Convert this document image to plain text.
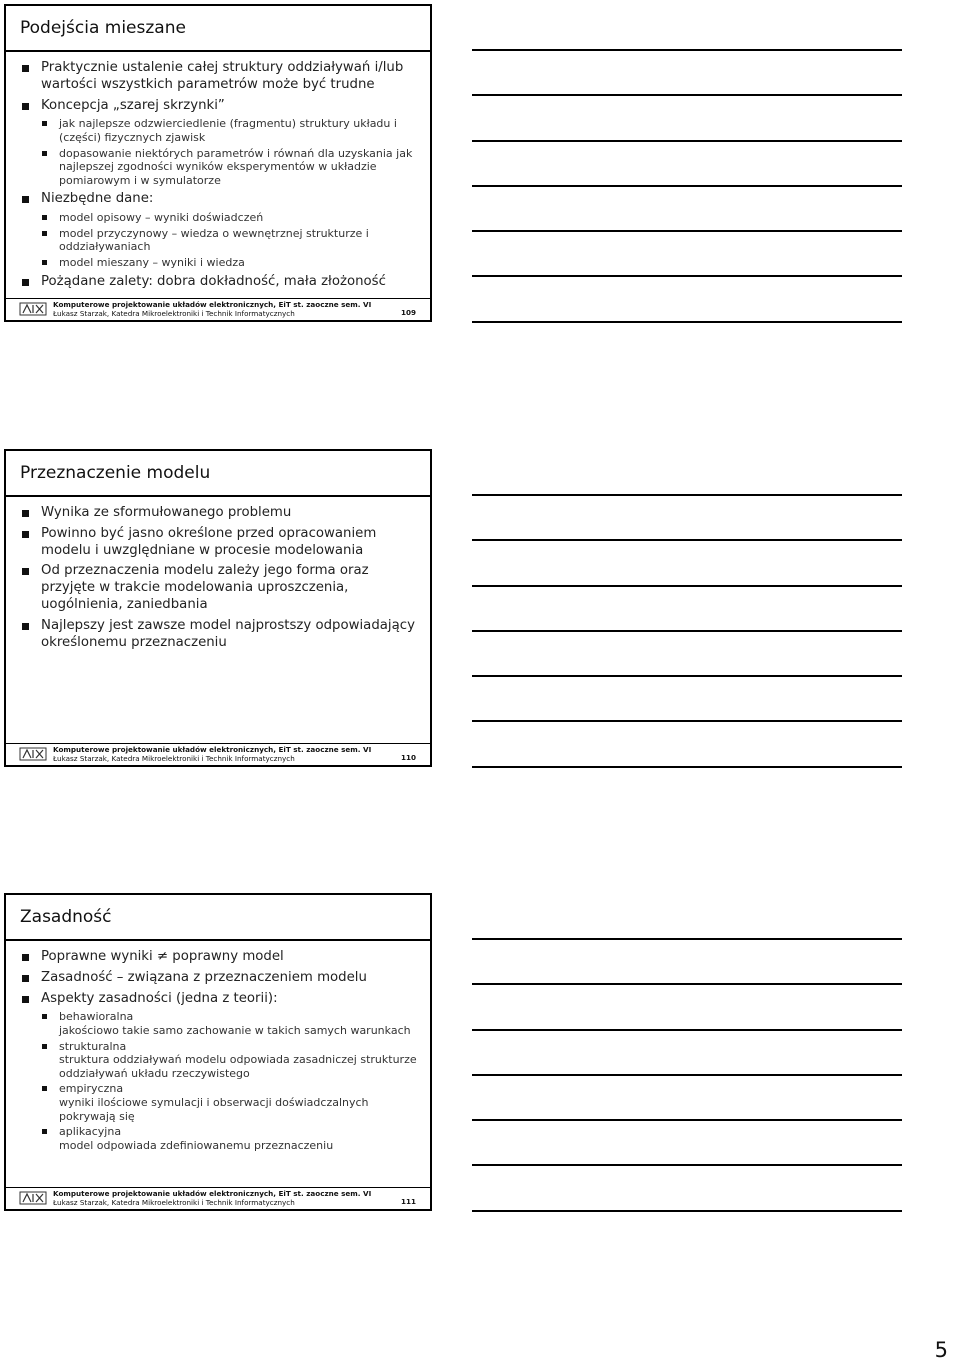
Podejścia mieszane
Praktycznie ustalenie całej struktury oddziaływań i/lub wartości wszystkich parametrów może być trudne
Koncepcja „szarej skrzynki”
jak najlepsze odzwierciedlenie (fragmentu) struktury układu i (części) fizycznych zjawisk
dopasowanie niektórych parametrów i równań dla uzyskania jak najlepszej zgodności wyników eksperymentów w układzie pomiarowym i w symulatorze
Niezbędne dane:
model opisowy – wyniki doświadczeń
model przyczynowy – wiedza o wewnętrznej strukturze i oddziaływaniach
model mieszany – wyniki i wiedza
Pożądane zalety: dobra dokładność, mała złożoność
Komputerowe projektowanie układów elektronicznych, EiT st. zaoczne sem. VI
Łukasz Starzak, Katedra Mikroelektroniki i Technik Informatycznych	109
Przeznaczenie modelu
Wynika ze sformułowanego problemu
Powinno być jasno określone przed opracowaniem modelu i uwzględniane w procesie modelowania
Od przeznaczenia modelu zależy jego forma oraz przyjęte w trakcie modelowania uproszczenia, uogólnienia, zaniedbania
Najlepszy jest zawsze model najprostszy odpowiadający określonemu przeznaczeniu
Komputerowe projektowanie układów elektronicznych, EiT st. zaoczne sem. VI
Łukasz Starzak, Katedra Mikroelektroniki i Technik Informatycznych	110
Zasadność
Poprawne wyniki ≠ poprawny model
Zasadność – związana z przeznaczeniem modelu
Aspekty zasadności (jedna z teorii):
behawioralna
jakościowo takie samo zachowanie w takich samych warunkach
strukturalna
struktura oddziaływań modelu odpowiada zasadniczej strukturze oddziaływań układu rzeczywistego
empiryczna
wyniki ilościowe symulacji i obserwacji doświadczalnych pokrywają się
aplikacyjna
model odpowiada zdefiniowanemu przeznaczeniu
Komputerowe projektowanie układów elektronicznych, EiT st. zaoczne sem. VI
Łukasz Starzak, Katedra Mikroelektroniki i Technik Informatycznych	111
5
